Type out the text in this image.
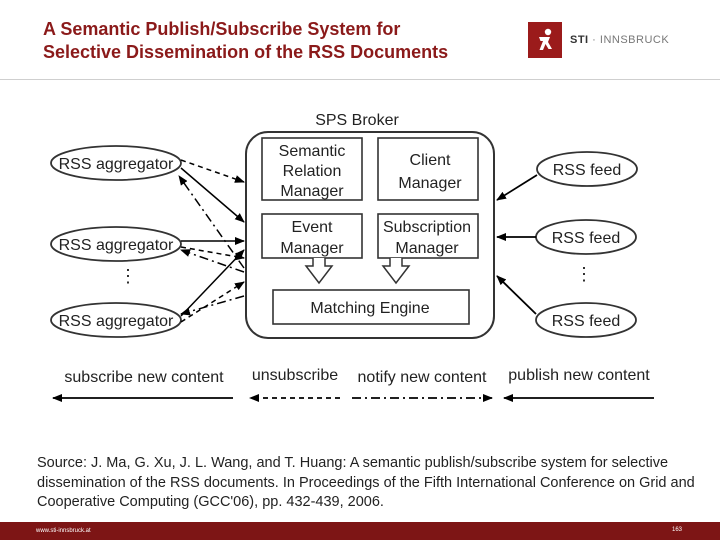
A Semantic Publish/Subscribe System for
Selective Dissemination of the RSS Documents
STI · INNSBRUCK
SPS Broker
Semantic
Relation
Manager
Client
Manager
Event
Manager
Subscription
Manager
Matching Engine
RSS aggregator
RSS aggregator
RSS aggregator
⋮
RSS feed
RSS feed
RSS feed
⋮
subscribe new content unsubscribe notify new content publish new content
Source: J. Ma, G. Xu, J. L. Wang, and T. Huang: A semantic publish/subscribe system for selective dissemination of the RSS documents. In Proceedings of the Fifth International Conference on Grid and Cooperative Computing (GCC'06), pp. 432-439, 2006.
www.sti-innsbruck.at	163
